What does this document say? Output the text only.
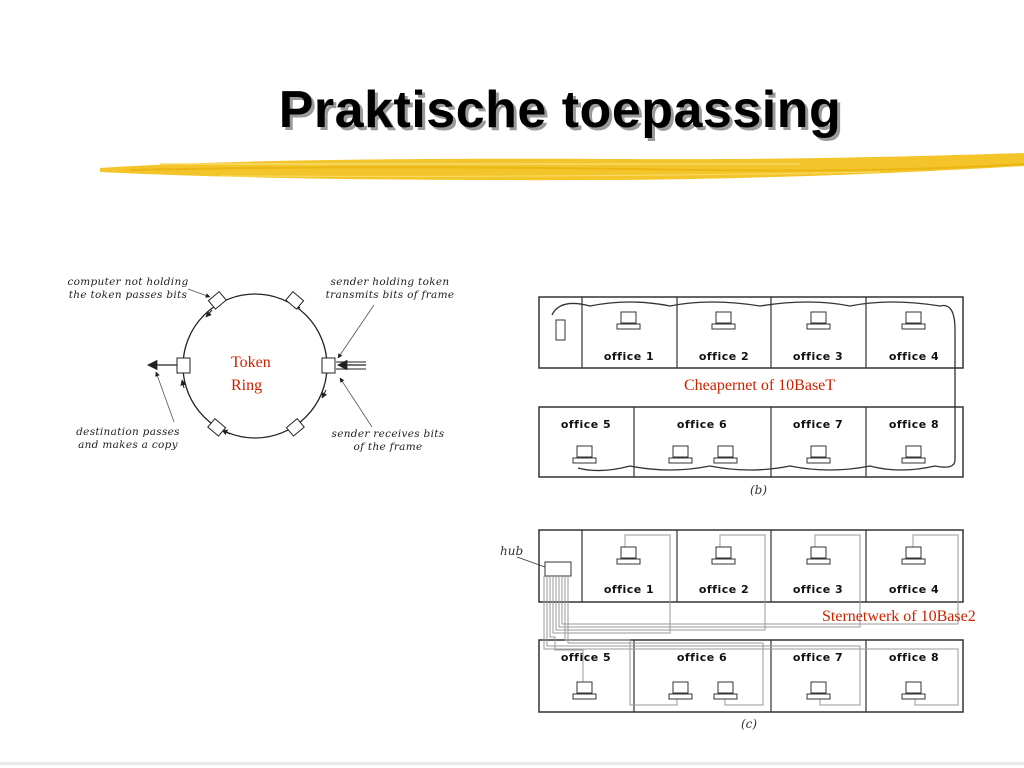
Praktische toepassing
computer not holding
the token passes bits
sender holding token
transmits bits of frame
destination passes
and makes a copy
sender receives bits
of the frame
Token
Ring
office 1	office 2	office 3	office 4
office 5	office 6	office 7	office 8
Cheapernet of 10BaseT
(b)
hub
office 1	office 2	office 3	office 4
office 5	office 6	office 7	office 8
Sternetwerk of 10Base2
(c)
